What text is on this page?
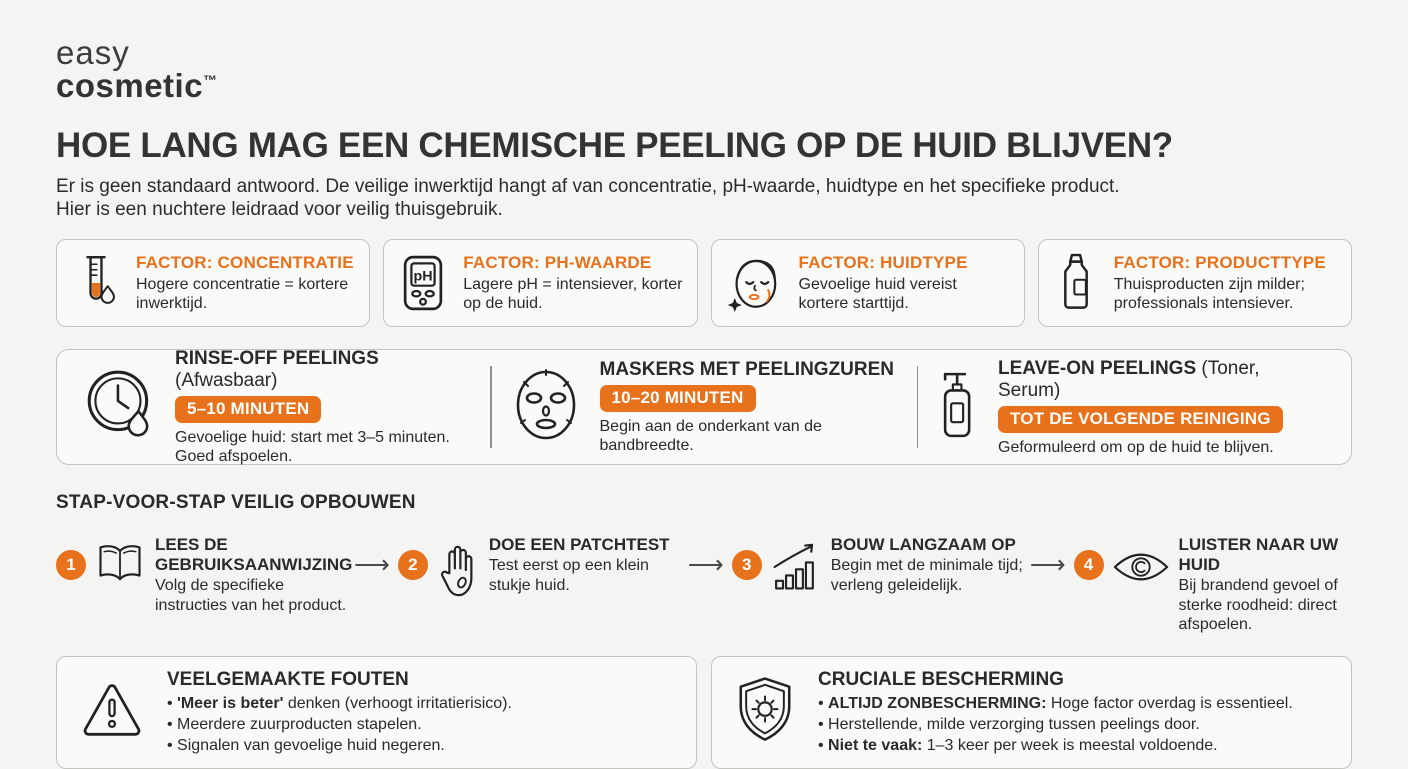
easy
cosmetic™
HOE LANG MAG EEN CHEMISCHE PEELING OP DE HUID BLIJVEN?
Er is geen standaard antwoord. De veilige inwerktijd hangt af van concentratie, pH-waarde, huidtype en het specifieke product.
Hier is een nuchtere leidraad voor veilig thuisgebruik.
FACTOR: CONCENTRATIE
Hogere concentratie = kortere inwerktijd.
pH
FACTOR: PH-WAARDE
Lagere pH = intensiever, korter op de huid.
FACTOR: HUIDTYPE
Gevoelige huid vereist kortere starttijd.
FACTOR: PRODUCTTYPE
Thuisproducten zijn milder; professionals intensiever.
RINSE-OFF PEELINGS (Afwasbaar)
5–10 MINUTEN
Gevoelige huid: start met 3–5 minuten. Goed afspoelen.
MASKERS MET PEELINGZUREN
10–20 MINUTEN
Begin aan de onderkant van de bandbreedte.
LEAVE-ON PEELINGS (Toner, Serum)
TOT DE VOLGENDE REINIGING
Geformuleerd om op de huid te blijven.
STAP-VOOR-STAP VEILIG OPBOUWEN
1
LEES DE GEBRUIKSAANWIJZING
Volg de specifieke instructies van het product.
⟶	2
DOE EEN PATCHTEST
Test eerst op een klein stukje huid.
⟶	3
BOUW LANGZAAM OP
Begin met de minimale tijd; verleng geleidelijk.
⟶	4
LUISTER NAAR UW HUID
Bij brandend gevoel of sterke roodheid: direct afspoelen.
VEELGEMAAKTE FOUTEN
• 'Meer is beter' denken (verhoogt irritatierisico).
• Meerdere zuurproducten stapelen.
• Signalen van gevoelige huid negeren.
CRUCIALE BESCHERMING
• ALTIJD ZONBESCHERMING: Hoge factor overdag is essentieel.
• Herstellende, milde verzorging tussen peelings door.
• Niet te vaak: 1–3 keer per week is meestal voldoende.
